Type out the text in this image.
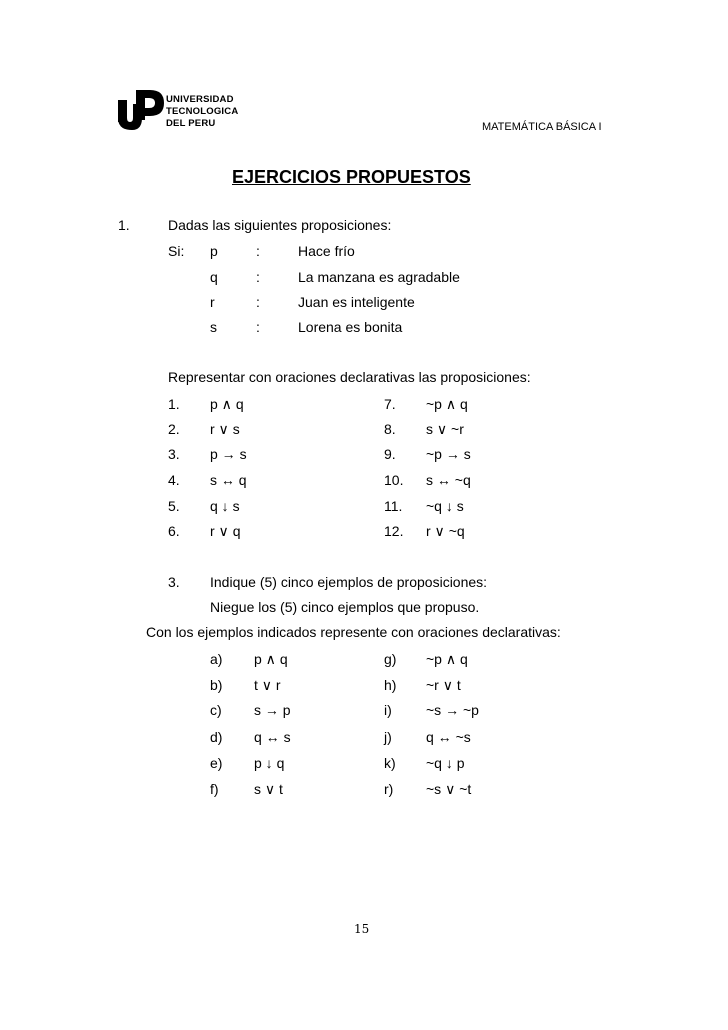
UNIVERSIDAD
TECNOLOGICA
DEL PERU	MATEMÁTICA BÁSICA I
EJERCICIOS PROPUESTOS
1.	Dadas las siguientes proposiciones:
Si: p	:	Hace frío
q	:	La manzana es agradable
r	:	Juan es inteligente
s	:	Lorena es bonita
Representar con oraciones declarativas las proposiciones:
1. p ∧ q	7. ~p ∧ q
2. r ∨ s	8. s ∨ ~r
3. p → s	9. ~p → s
4. s ↔ q	10. s ↔ ~q
5. q ↓ s	11. ~q ↓ s
6. r ∨ q	12. r ∨ ~q
3. Indique (5) cinco ejemplos de proposiciones:
Niegue los (5) cinco ejemplos que propuso.
Con los ejemplos indicados represente con oraciones declarativas:
a) p ∧ q	g) ~p ∧ q
b) t ∨ r	h) ~r ∨ t
c) s → p	i) ~s → ~p
d) q ↔ s	j) q ↔ ~s
e) p ↓ q	k) ~q ↓ p
f)	s ∨ t	r) ~s ∨ ~t
15
